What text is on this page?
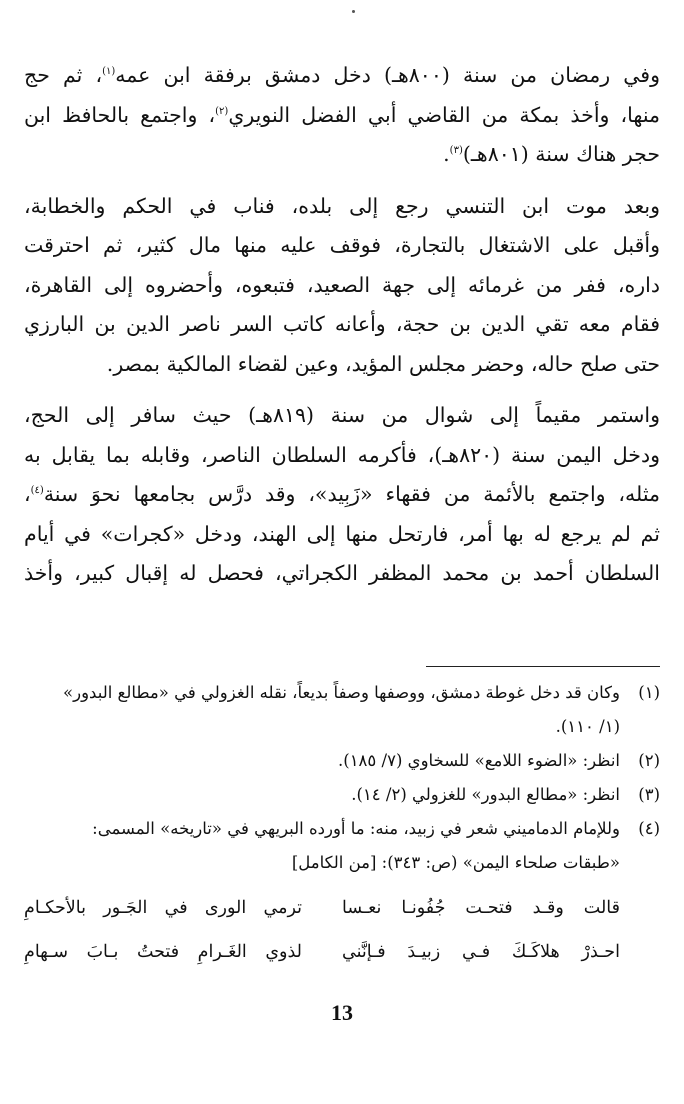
وفي رمضان من سنة (٨٠٠هـ) دخل دمشق برفقة ابن عمه$^{(١)}$، ثم حج
منها، وأخذ بمكة من القاضي أبي الفضل النويري$^{(٢)}$، واجتمع بالحافظ ابن
حجر هناك سنة (٨٠١هـ)$^{(٣)}$.

وبعد موت ابن التنسي رجع إلى بلده، فناب في الحكم والخطابة،
وأقبل على الاشتغال بالتجارة، فوقف عليه منها مال كثير، ثم احترقت
داره، ففر من غرمائه إلى جهة الصعيد، فتبعوه، وأحضروه إلى القاهرة،
فقام معه تقي الدين بن حجة، وأعانه كاتب السر ناصر الدين بن البارزي
حتى صلح حاله، وحضر مجلس المؤيد، وعين لقضاء المالكية بمصر.

واستمر مقيماً إلى شوال من سنة (٨١٩هـ) حيث سافر إلى الحج،
ودخل اليمن سنة (٨٢٠هـ)، فأكرمه السلطان الناصر، وقابله بما يقابل به
مثله، واجتمع بالأئمة من فقهاء «زَبِيد»، وقد درَّس بجامعها نحوَ سنة$^{(٤)}$،
ثم لم يرجع له بها أمر، فارتحل منها إلى الهند، ودخل «كجرات» في أيام
السلطان أحمد بن محمد المظفر الكجراتي، فحصل له إقبال كبير، وأخذ

(١)
وكان قد دخل غوطة دمشق، ووصفها وصفاً بديعاً، نقله الغزولي في «مطالع البدور»
(١/ ١١٠).
(٢)
انظر: «الضوء اللامع» للسخاوي (٧/ ١٨٥).
(٣)
انظر: «مطالع البدور» للغزولي (٢/ ١٤).
(٤)
وللإمام الدماميني شعر في زبيد، منه: ما أورده البريهي في «تاريخه» المسمى:
«طبقات صلحاء اليمن» (ص: ٣٤٣): [من الكامل]
قالت وقـد فتحـت جُفُونـا نعـسا
ترمي الورى في الجَـور بالأحكـامِ
احـذرْ هلاكَـكَ فـي زبيـدَ فـإنَّني
لذوي الغَـرامِ فتحتُ بـابَ سـهامِ
13
